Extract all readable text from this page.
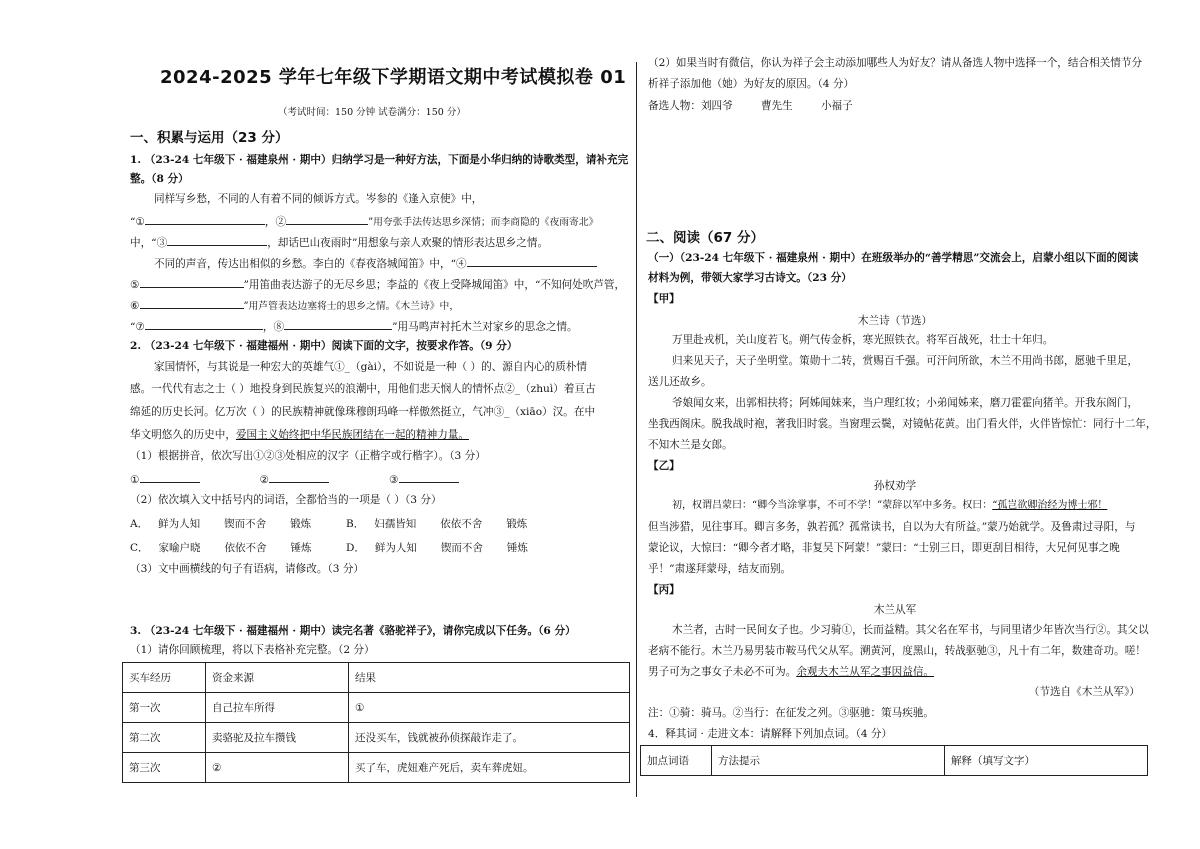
2024-2025 学年七年级下学期语文期中考试模拟卷 01
（考试时间：150 分钟 试卷满分：150 分）
一、积累与运用（23 分）
1. （23-24 七年级下 · 福建泉州 · 期中）归纳学习是一种好方法，下面是小华归纳的诗歌类型，请补充完
整。（8 分）
同样写乡愁，不同的人有着不同的倾诉方式。岑参的《逢入京使》中，
“①	，②	”用夸张手法传达思乡深情；而李商隐的《夜雨寄北》
中，“③	，却话巴山夜雨时”用想象与亲人欢聚的情形表达思乡之情。
不同的声音，传达出相似的乡愁。李白的《春夜洛城闻笛》中，“④
⑤	”用笛曲表达游子的无尽乡思；李益的《夜上受降城闻笛》中，“不知何处吹芦管，
⑥	”用芦管表达边塞将士的思乡之情。《木兰诗》中，
“⑦	，⑧	”用马鸣声衬托木兰对家乡的思念之情。
2. （23-24 七年级下 · 福建福州 · 期中）阅读下面的文字，按要求作答。（9 分）
家国情怀，与其说是一种宏大的英雄气①_（gài），不如说是一种（ ）的、源自内心的质朴情
感。一代代有志之士（ ）地投身到民族复兴的浪潮中，用他们悲天悯人的情怀点②_（zhuì）着亘古
绵延的历史长河。亿万次（ ）的民族精神就像珠穆朗玛峰一样傲然挺立，气冲③_（xiāo）汉。在中
华文明悠久的历史中，爱国主义始终把中华民族团结在一起的精神力量。
（1）根据拼音，依次写出①②③处相应的汉字（正楷字或行楷字）。（3 分）
①	②	③
（2）依次填入文中括号内的词语，全都恰当的一项是（ ）（3 分）
A． 鲜为人知 锲而不舍 锻炼	B． 妇孺皆知 依依不舍 锻炼
C． 家喻户晓 依依不舍 锤炼	D． 鲜为人知 锲而不舍 锤炼
（3）文中画横线的句子有语病，请修改。（3 分）
3. （23-24 七年级下 · 福建福州 · 期中）读完名著《骆驼祥子》，请你完成以下任务。（6 分）
（1）请你回顾梳理，将以下表格补充完整。（2 分）
买车经历	资金来源	结果
第一次	自己拉车所得	①
第二次	卖骆驼及拉车攒钱	还没买车，钱就被孙侦探敲诈走了。
第三次	②	买了车，虎妞难产死后，卖车葬虎妞。
（2）如果当时有微信，你认为祥子会主动添加哪些人为好友？请从备选人物中选择一个，结合相关情节分
析祥子添加他（她）为好友的原因。（4 分）
备选人物：刘四爷	曹先生	小福子
二、阅读（67 分）
（一）（23-24 七年级下 · 福建泉州 · 期中）在班级举办的“善学精思”交流会上，启蒙小组以下面的阅读
材料为例，带领大家学习古诗文。（23 分）
【甲】
木兰诗（节选）
万里赴戎机，关山度若飞。朔气传金柝，寒光照铁衣。将军百战死，壮士十年归。
归来见天子，天子坐明堂。策勋十二转，赏赐百千强。可汗问所欲，木兰不用尚书郎，愿驰千里足，
送儿还故乡。
爷娘闻女来，出郭相扶将；阿姊闻妹来，当户理红妆；小弟闻姊来，磨刀霍霍向猪羊。开我东阁门，
坐我西阁床。脱我战时袍，著我旧时裳。当窗理云鬓，对镜帖花黄。出门看火伴，火伴皆惊忙：同行十二年，
不知木兰是女郎。
【乙】
孙权劝学
初，权谓吕蒙曰：“卿今当涂掌事，不可不学！”蒙辞以军中多务。权曰：“孤岂欲卿治经为博士邪！
但当涉猎，见往事耳。卿言多务，孰若孤？孤常读书，自以为大有所益。”蒙乃始就学。及鲁肃过寻阳，与
蒙论议，大惊曰：“卿今者才略，非复吴下阿蒙！”蒙曰：“士别三日，即更刮目相待，大兄何见事之晚
乎！”肃遂拜蒙母，结友而别。
【丙】
木兰从军
木兰者，古时一民间女子也。少习骑①，长而益精。其父名在军书，与同里诸少年皆次当行②。其父以
老病不能行。木兰乃易男装市鞍马代父从军。溯黄河，度黑山，转战驱驰③，凡十有二年，数建奇功。嗟！
男子可为之事女子未必不可为。余观夫木兰从军之事因益信。
（节选自《木兰从军》）
注：①骑：骑马。②当行：在征发之列。③驱驰：策马疾驰。
4．释其词 · 走进文本：请解释下列加点词。（4 分）
加点词语	方法提示	解释（填写文字）
